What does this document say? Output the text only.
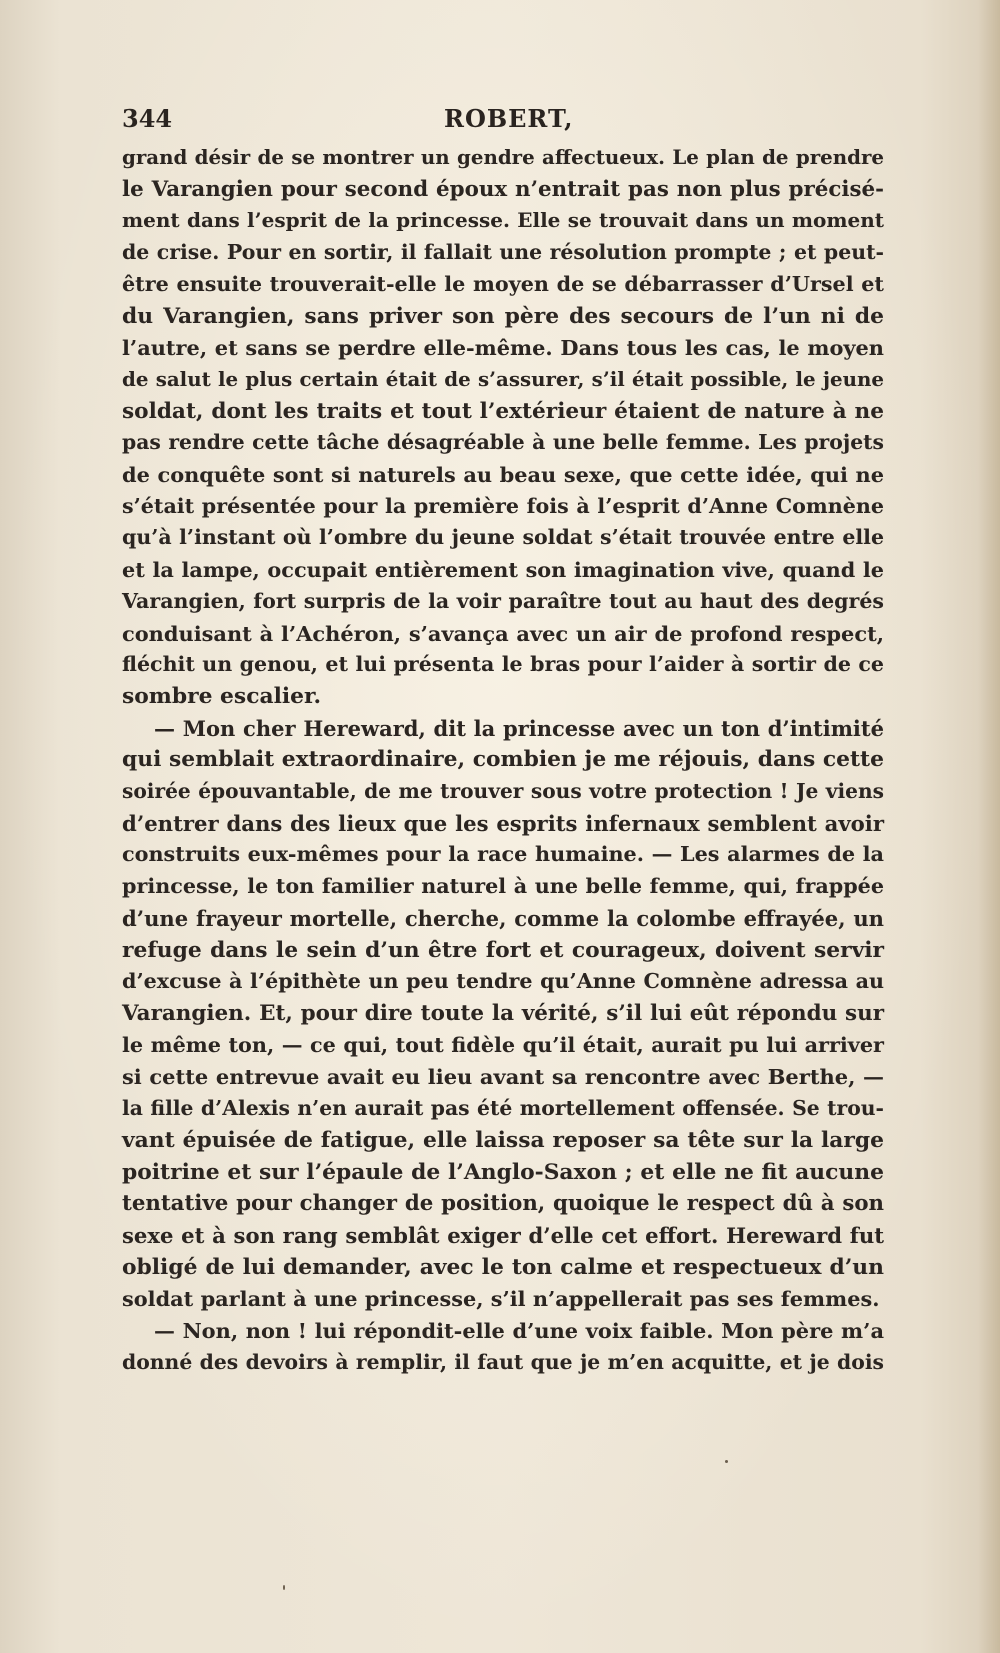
344	ROBERT,
grand désir de se montrer un gendre affectueux. Le plan de prendre
le Varangien pour second époux n’entrait pas non plus précisé-
ment dans l’esprit de la princesse. Elle se trouvait dans un moment
de crise. Pour en sortir, il fallait une résolution prompte ; et peut-
être ensuite trouverait-elle le moyen de se débarrasser d’Ursel et
du Varangien, sans priver son père des secours de l’un ni de
l’autre, et sans se perdre elle-même. Dans tous les cas, le moyen
de salut le plus certain était de s’assurer, s’il était possible, le jeune
soldat, dont les traits et tout l’extérieur étaient de nature à ne
pas rendre cette tâche désagréable à une belle femme. Les projets
de conquête sont si naturels au beau sexe, que cette idée, qui ne
s’était présentée pour la première fois à l’esprit d’Anne Comnène
qu’à l’instant où l’ombre du jeune soldat s’était trouvée entre elle
et la lampe, occupait entièrement son imagination vive, quand le
Varangien, fort surpris de la voir paraître tout au haut des degrés
conduisant à l’Achéron, s’avança avec un air de profond respect,
fléchit un genou, et lui présenta le bras pour l’aider à sortir de ce
sombre escalier.
— Mon cher Hereward, dit la princesse avec un ton d’intimité
qui semblait extraordinaire, combien je me réjouis, dans cette
soirée épouvantable, de me trouver sous votre protection ! Je viens
d’entrer dans des lieux que les esprits infernaux semblent avoir
construits eux-mêmes pour la race humaine. — Les alarmes de la
princesse, le ton familier naturel à une belle femme, qui, frappée
d’une frayeur mortelle, cherche, comme la colombe effrayée, un
refuge dans le sein d’un être fort et courageux, doivent servir
d’excuse à l’épithète un peu tendre qu’Anne Comnène adressa au
Varangien. Et, pour dire toute la vérité, s’il lui eût répondu sur
le même ton, — ce qui, tout fidèle qu’il était, aurait pu lui arriver
si cette entrevue avait eu lieu avant sa rencontre avec Berthe, —
la fille d’Alexis n’en aurait pas été mortellement offensée. Se trou-
vant épuisée de fatigue, elle laissa reposer sa tête sur la large
poitrine et sur l’épaule de l’Anglo-Saxon ; et elle ne fit aucune
tentative pour changer de position, quoique le respect dû à son
sexe et à son rang semblât exiger d’elle cet effort. Hereward fut
obligé de lui demander, avec le ton calme et respectueux d’un
soldat parlant à une princesse, s’il n’appellerait pas ses femmes.
— Non, non ! lui répondit-elle d’une voix faible. Mon père m’a
donné des devoirs à remplir, il faut que je m’en acquitte, et je dois
